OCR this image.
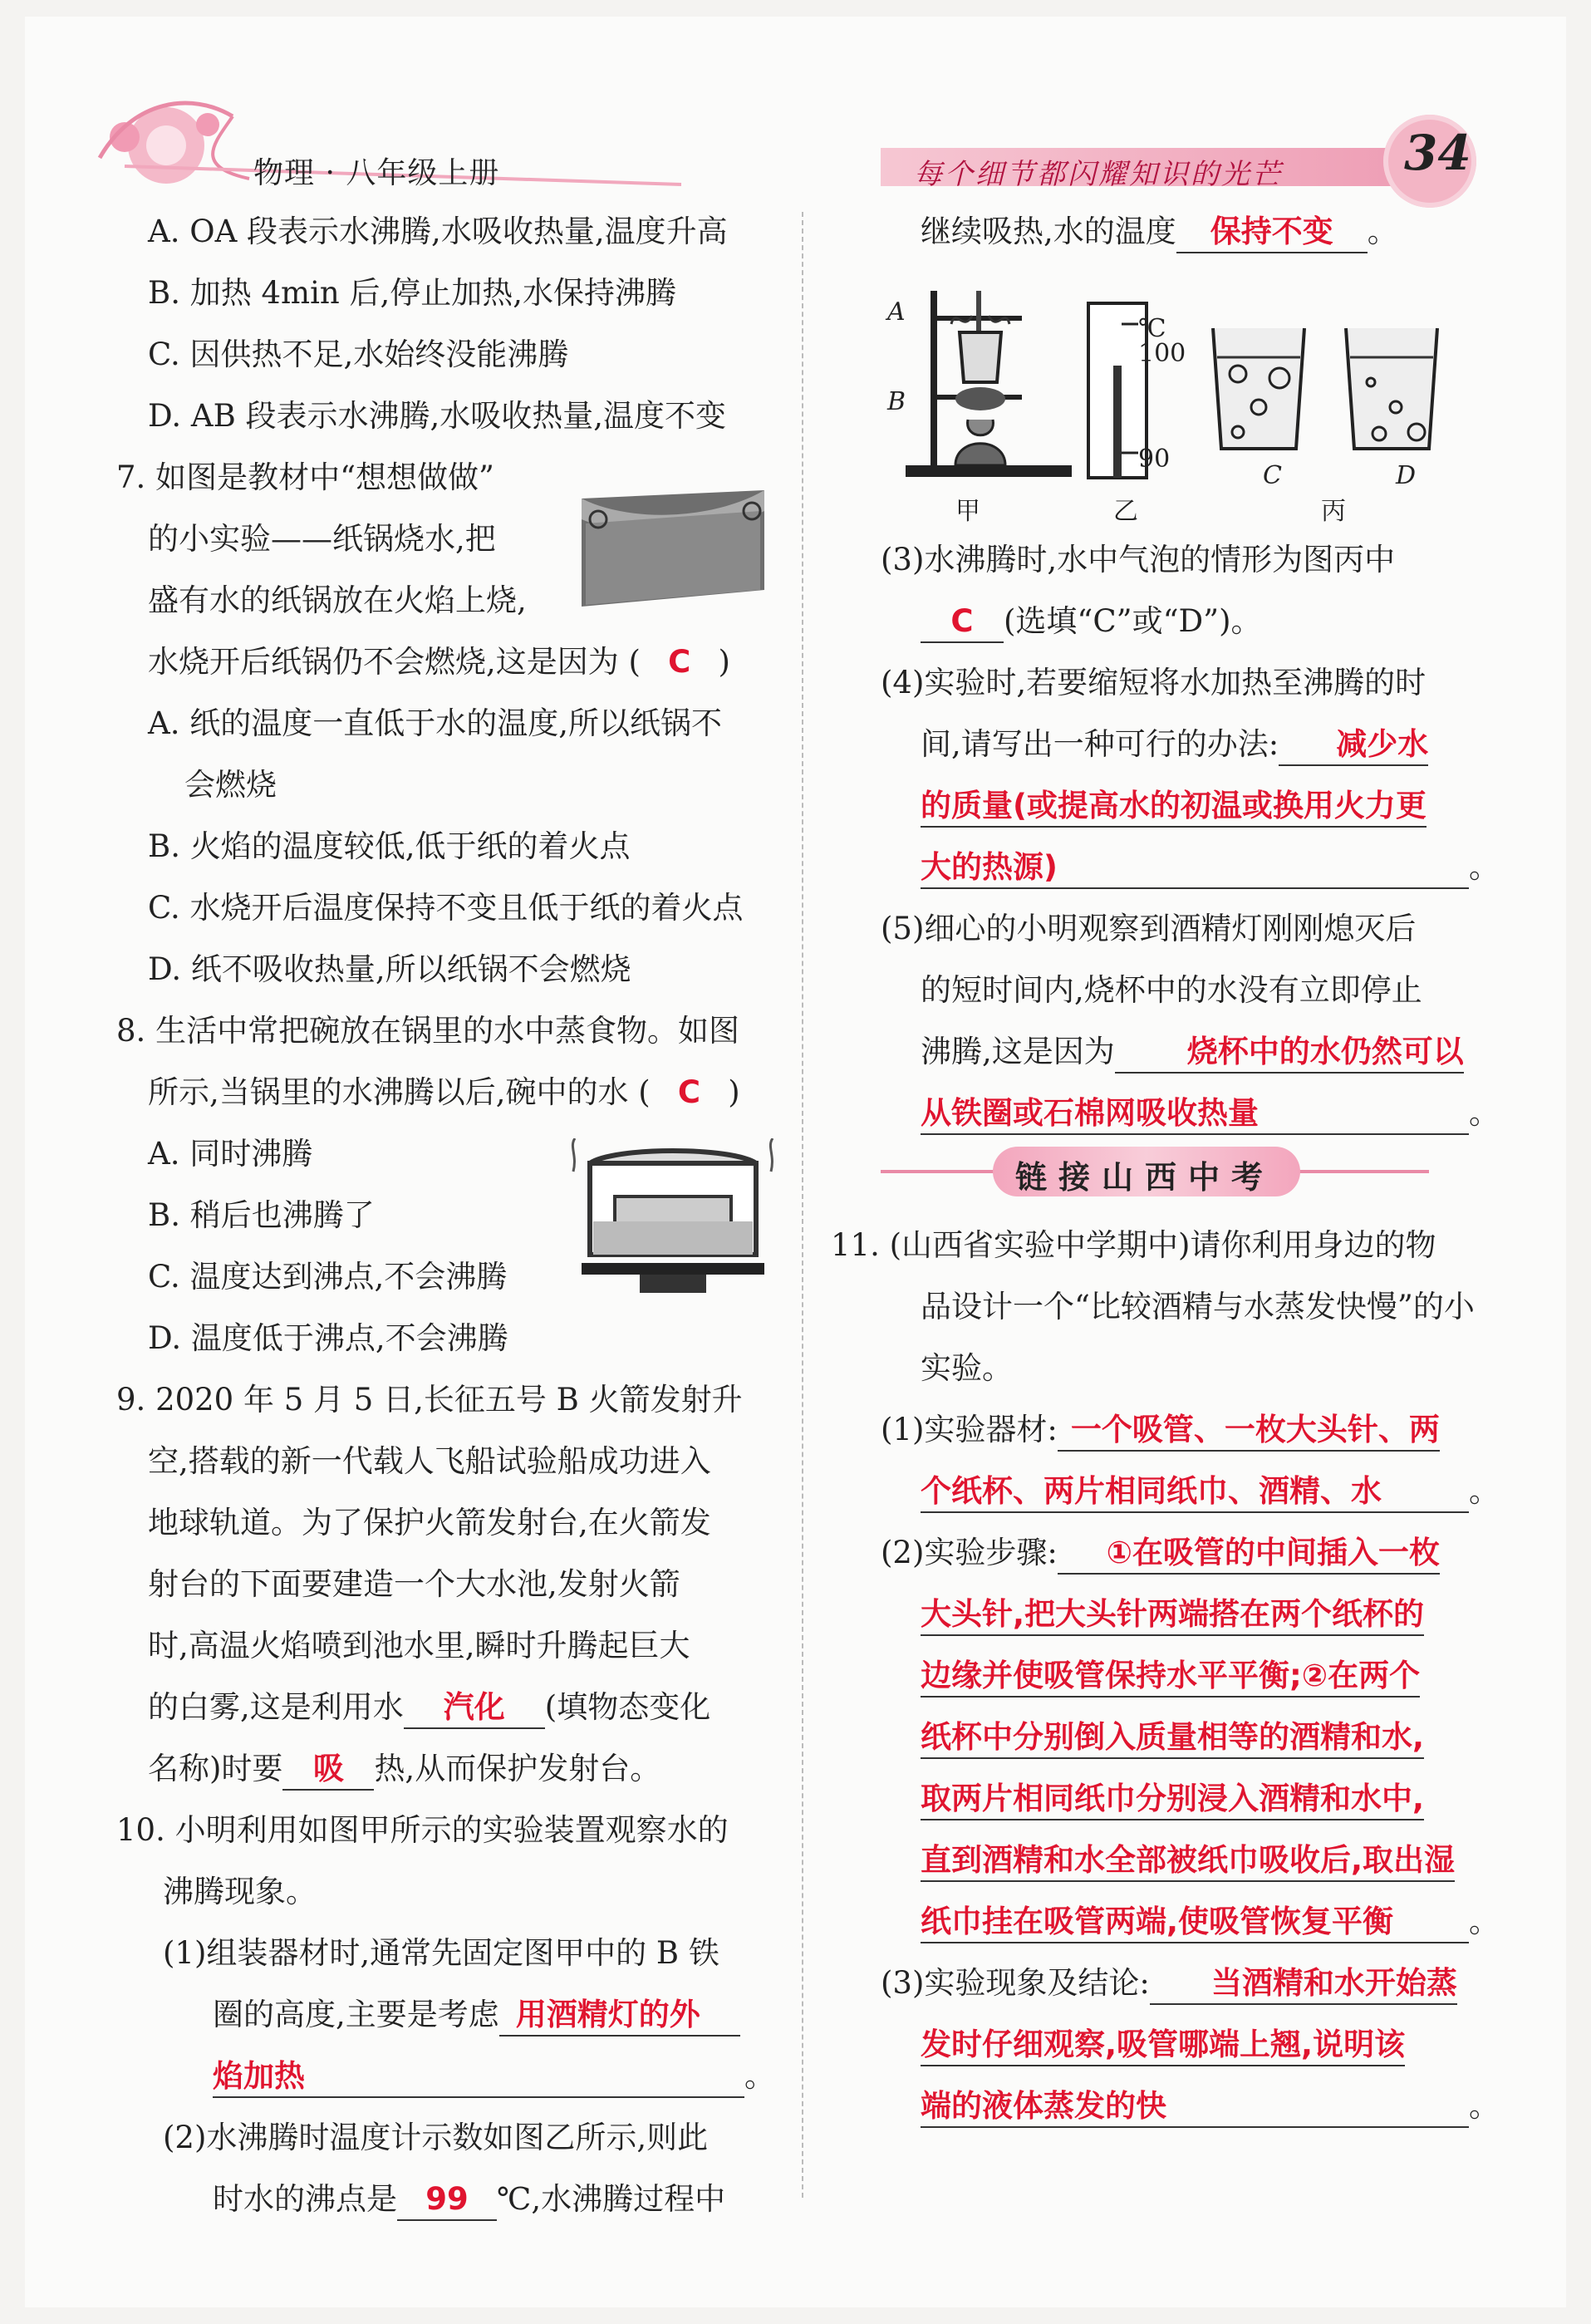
物理 · 八年级上册	每个细节都闪耀知识的光芒	34
A. OA 段表示水沸腾,水吸收热量,温度升高
B. 加热 4min 后,停止加热,水保持沸腾
C. 因供热不足,水始终没能沸腾
D. AB 段表示水沸腾,水吸收热量,温度不变
7. 如图是教材中“想想做做”
的小实验——纸锅烧水,把
盛有水的纸锅放在火焰上烧,
水烧开后纸锅仍不会燃烧,这是因为 ( C )
A. 纸的温度一直低于水的温度,所以纸锅不
会燃烧
B. 火焰的温度较低,低于纸的着火点
C. 水烧开后温度保持不变且低于纸的着火点
D. 纸不吸收热量,所以纸锅不会燃烧
8. 生活中常把碗放在锅里的水中蒸食物。如图
所示,当锅里的水沸腾以后,碗中的水 ( C )
A. 同时沸腾
B. 稍后也沸腾了
C. 温度达到沸点,不会沸腾
D. 温度低于沸点,不会沸腾
9. 2020 年 5 月 5 日,长征五号 B 火箭发射升
空,搭载的新一代载人飞船试验船成功进入
地球轨道。为了保护火箭发射台,在火箭发
射台的下面要建造一个大水池,发射火箭
时,高温火焰喷到池水里,瞬时升腾起巨大
的白雾,这是利用水 汽化 (填物态变化
名称)时要 吸 热,从而保护发射台。
10. 小明利用如图甲所示的实验装置观察水的
沸腾现象。
(1)组装器材时,通常先固定图甲中的 B 铁
圈的高度,主要是考虑 用酒精灯的外
焰加热	。
(2)水沸腾时温度计示数如图乙所示,则此
时水的沸点是 99 ℃,水沸腾过程中
继续吸热,水的温度 保持不变 。
A
B
℃
100
90
C	D
甲	乙	丙
(3)水沸腾时,水中气泡的情形为图丙中
C (选填“C”或“D”)。
(4)实验时,若要缩短将水加热至沸腾的时
间,请写出一种可行的办法: 减少水
的质量(或提高水的初温或换用火力更
大的热源)	。
(5)细心的小明观察到酒精灯刚刚熄灭后
的短时间内,烧杯中的水没有立即停止
沸腾,这是因为 烧杯中的水仍然可以
从铁圈或石棉网吸收热量	。
链接山西中考
11. (山西省实验中学期中)请你利用身边的物
品设计一个“比较酒精与水蒸发快慢”的小
实验。
(1)实验器材: 一个吸管、一枚大头针、两
个纸杯、两片相同纸巾、酒精、水	。
(2)实验步骤: ①在吸管的中间插入一枚
大头针,把大头针两端搭在两个纸杯的
边缘并使吸管保持水平平衡;②在两个
纸杯中分别倒入质量相等的酒精和水,
取两片相同纸巾分别浸入酒精和水中,
直到酒精和水全部被纸巾吸收后,取出湿
纸巾挂在吸管两端,使吸管恢复平衡 。
(3)实验现象及结论: 当酒精和水开始蒸
发时仔细观察,吸管哪端上翘,说明该
端的液体蒸发的快	。
